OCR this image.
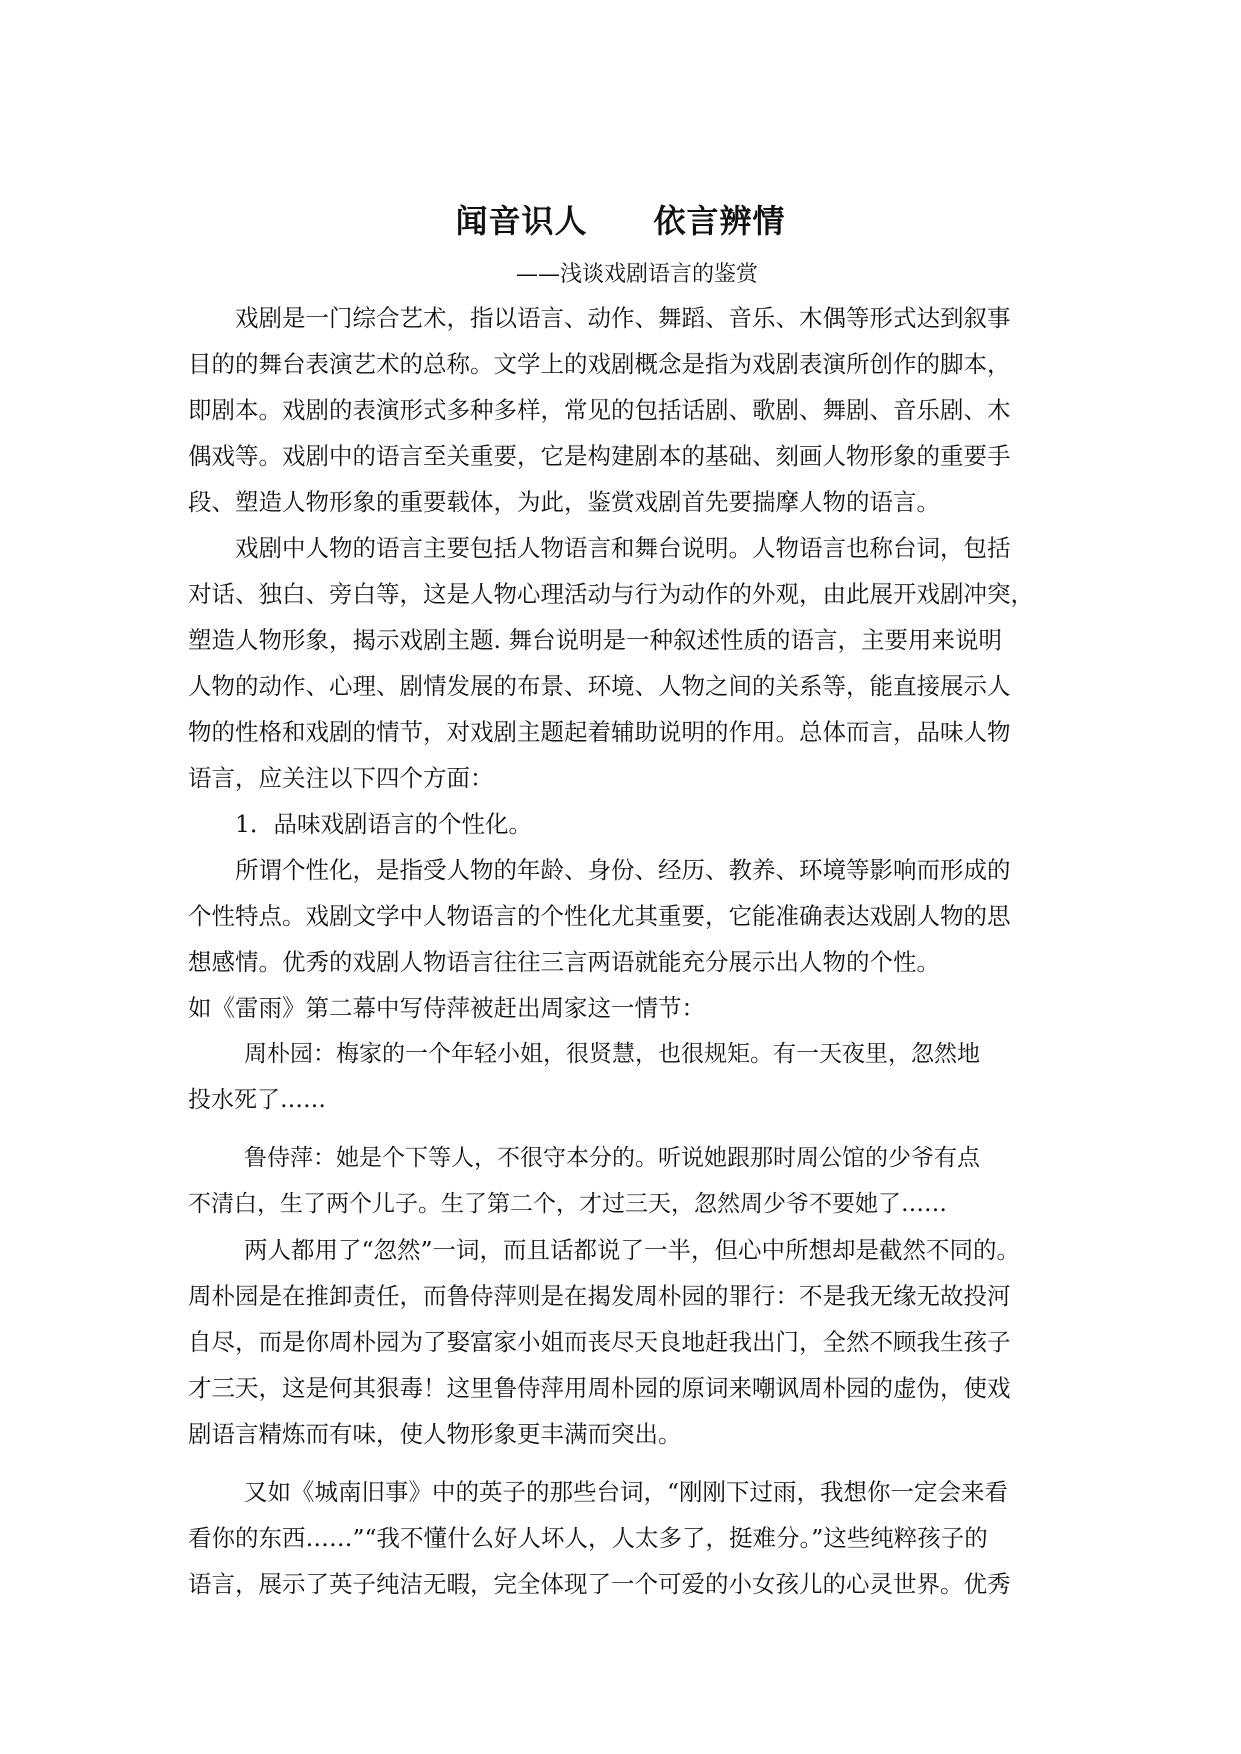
闻音识人　　依言辨情
——浅谈戏剧语言的鉴赏

戏剧是一门综合艺术，指以语言、动作、舞蹈、音乐、木偶等形式达到叙事

目的的舞台表演艺术的总称。文学上的戏剧概念是指为戏剧表演所创作的脚本，

即剧本。戏剧的表演形式多种多样，常见的包括话剧、歌剧、舞剧、音乐剧、木

偶戏等。戏剧中的语言至关重要，它是构建剧本的基础、刻画人物形象的重要手

段、塑造人物形象的重要载体，为此，鉴赏戏剧首先要揣摩人物的语言。

戏剧中人物的语言主要包括人物语言和舞台说明。人物语言也称台词，包括

对话、独白、旁白等，这是人物心理活动与行为动作的外观，由此展开戏剧冲突，

塑造人物形象，揭示戏剧主题. 舞台说明是一种叙述性质的语言，主要用来说明

人物的动作、心理、剧情发展的布景、环境、人物之间的关系等，能直接展示人

物的性格和戏剧的情节，对戏剧主题起着辅助说明的作用。总体而言，品味人物

语言，应关注以下四个方面：

1．品味戏剧语言的个性化。

所谓个性化，是指受人物的年龄、身份、经历、教养、环境等影响而形成的

个性特点。戏剧文学中人物语言的个性化尤其重要，它能准确表达戏剧人物的思

想感情。优秀的戏剧人物语言往往三言两语就能充分展示出人物的个性。

如《雷雨》第二幕中写侍萍被赶出周家这一情节：

周朴园：梅家的一个年轻小姐，很贤慧，也很规矩。有一天夜里，忽然地

投水死了……

鲁侍萍：她是个下等人，不很守本分的。听说她跟那时周公馆的少爷有点

不清白，生了两个儿子。生了第二个，才过三天，忽然周少爷不要她了……

两人都用了“忽然”一词，而且话都说了一半，但心中所想却是截然不同的。

周朴园是在推卸责任，而鲁侍萍则是在揭发周朴园的罪行：不是我无缘无故投河

自尽，而是你周朴园为了娶富家小姐而丧尽天良地赶我出门，全然不顾我生孩子

才三天，这是何其狠毒！这里鲁侍萍用周朴园的原词来嘲讽周朴园的虚伪，使戏

剧语言精炼而有味，使人物形象更丰满而突出。

又如《城南旧事》中的英子的那些台词，“刚刚下过雨，我想你一定会来看

看你的东西……”“我不懂什么好人坏人，人太多了，挺难分。”这些纯粹孩子的

语言，展示了英子纯洁无暇，完全体现了一个可爱的小女孩儿的心灵世界。优秀
